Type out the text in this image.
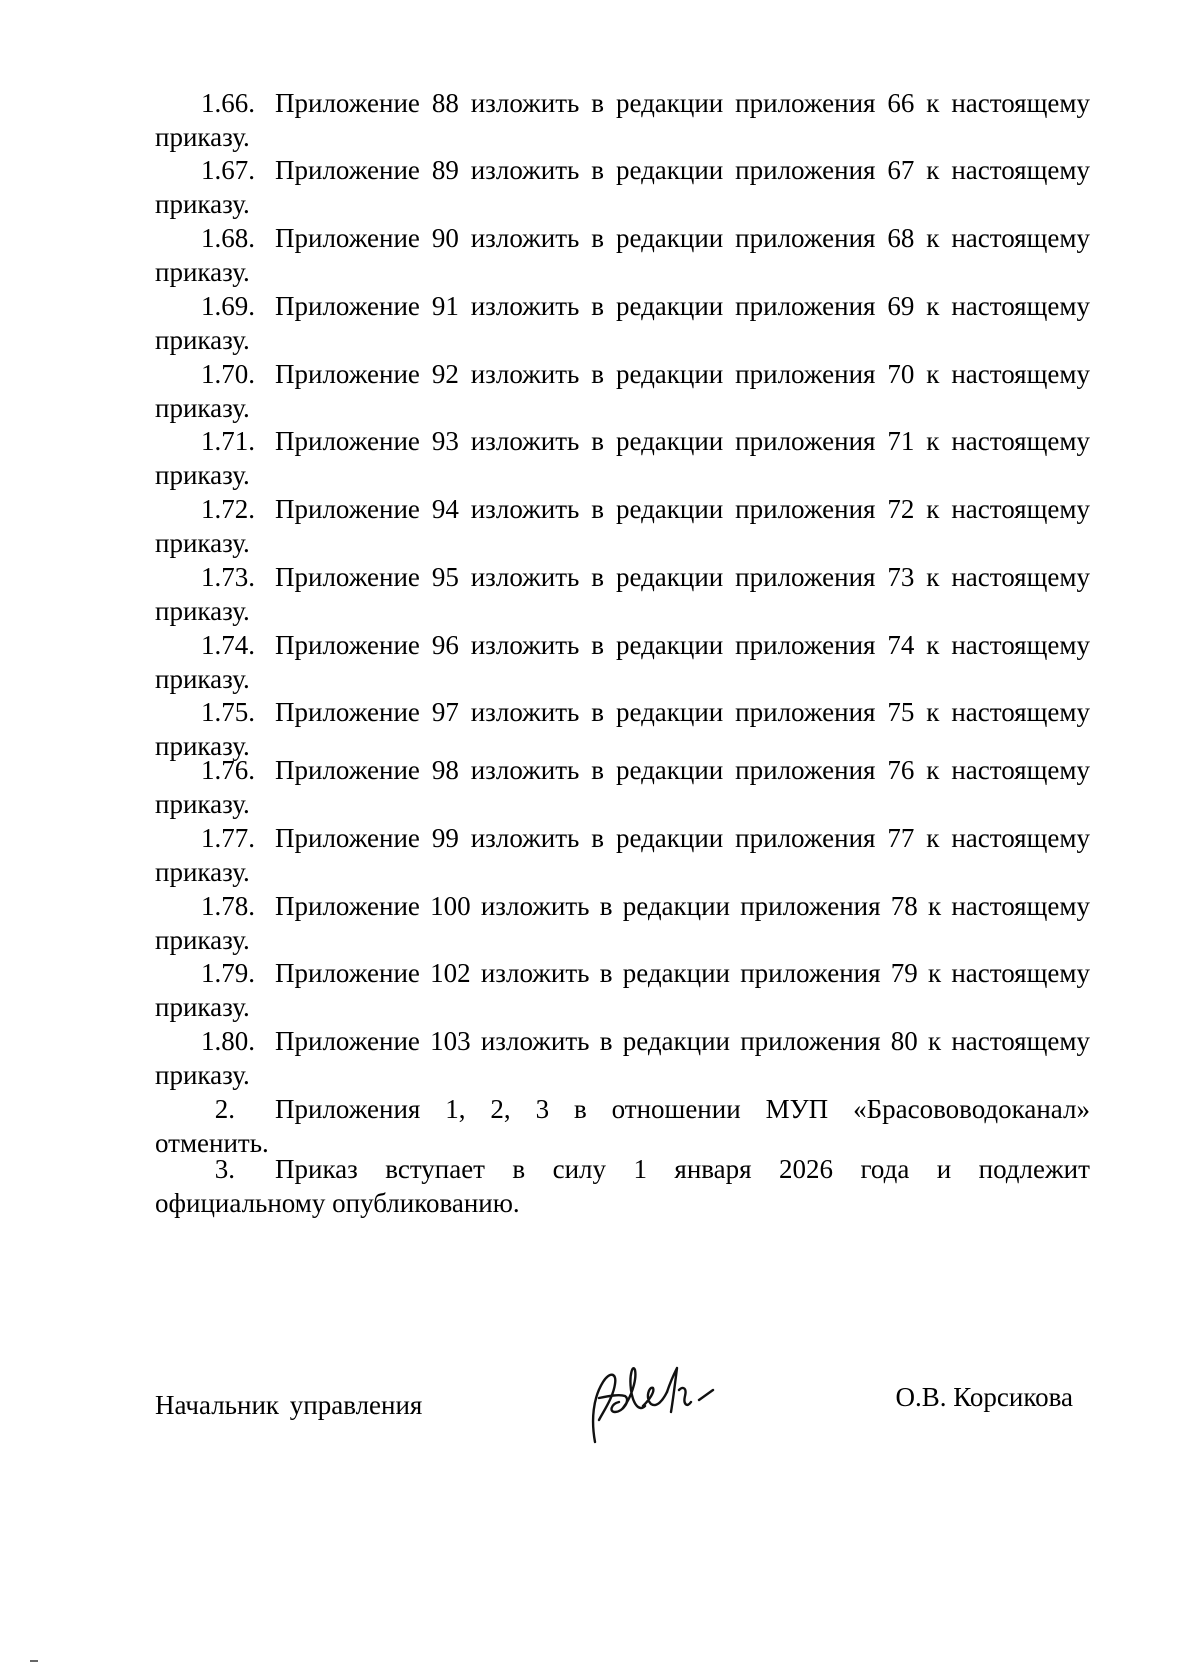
1.66. Приложение 88 изложить в редакции приложения 66 к настоящему
приказу.
1.67. Приложение 89 изложить в редакции приложения 67 к настоящему
приказу.
1.68. Приложение 90 изложить в редакции приложения 68 к настоящему
приказу.
1.69. Приложение 91 изложить в редакции приложения 69 к настоящему
приказу.
1.70. Приложение 92 изложить в редакции приложения 70 к настоящему
приказу.
1.71. Приложение 93 изложить в редакции приложения 71 к настоящему
приказу.
1.72. Приложение 94 изложить в редакции приложения 72 к настоящему
приказу.
1.73. Приложение 95 изложить в редакции приложения 73 к настоящему
приказу.
1.74. Приложение 96 изложить в редакции приложения 74 к настоящему
приказу.
1.75. Приложение 97 изложить в редакции приложения 75 к настоящему
приказу.
1.76. Приложение 98 изложить в редакции приложения 76 к настоящему
приказу.
1.77. Приложение 99 изложить в редакции приложения 77 к настоящему
приказу.
1.78. Приложение 100 изложить в редакции приложения 78 к настоящему
приказу.
1.79. Приложение 102 изложить в редакции приложения 79 к настоящему
приказу.
1.80. Приложение 103 изложить в редакции приложения 80 к настоящему
приказу.
2.	Приложения 1, 2, 3 в отношении МУП «Брасововодоканал»
отменить.
3.	Приказ вступает в силу 1 января 2026 года и подлежит
официальному опубликованию.
Начальник управления	О.В. Корсикова
